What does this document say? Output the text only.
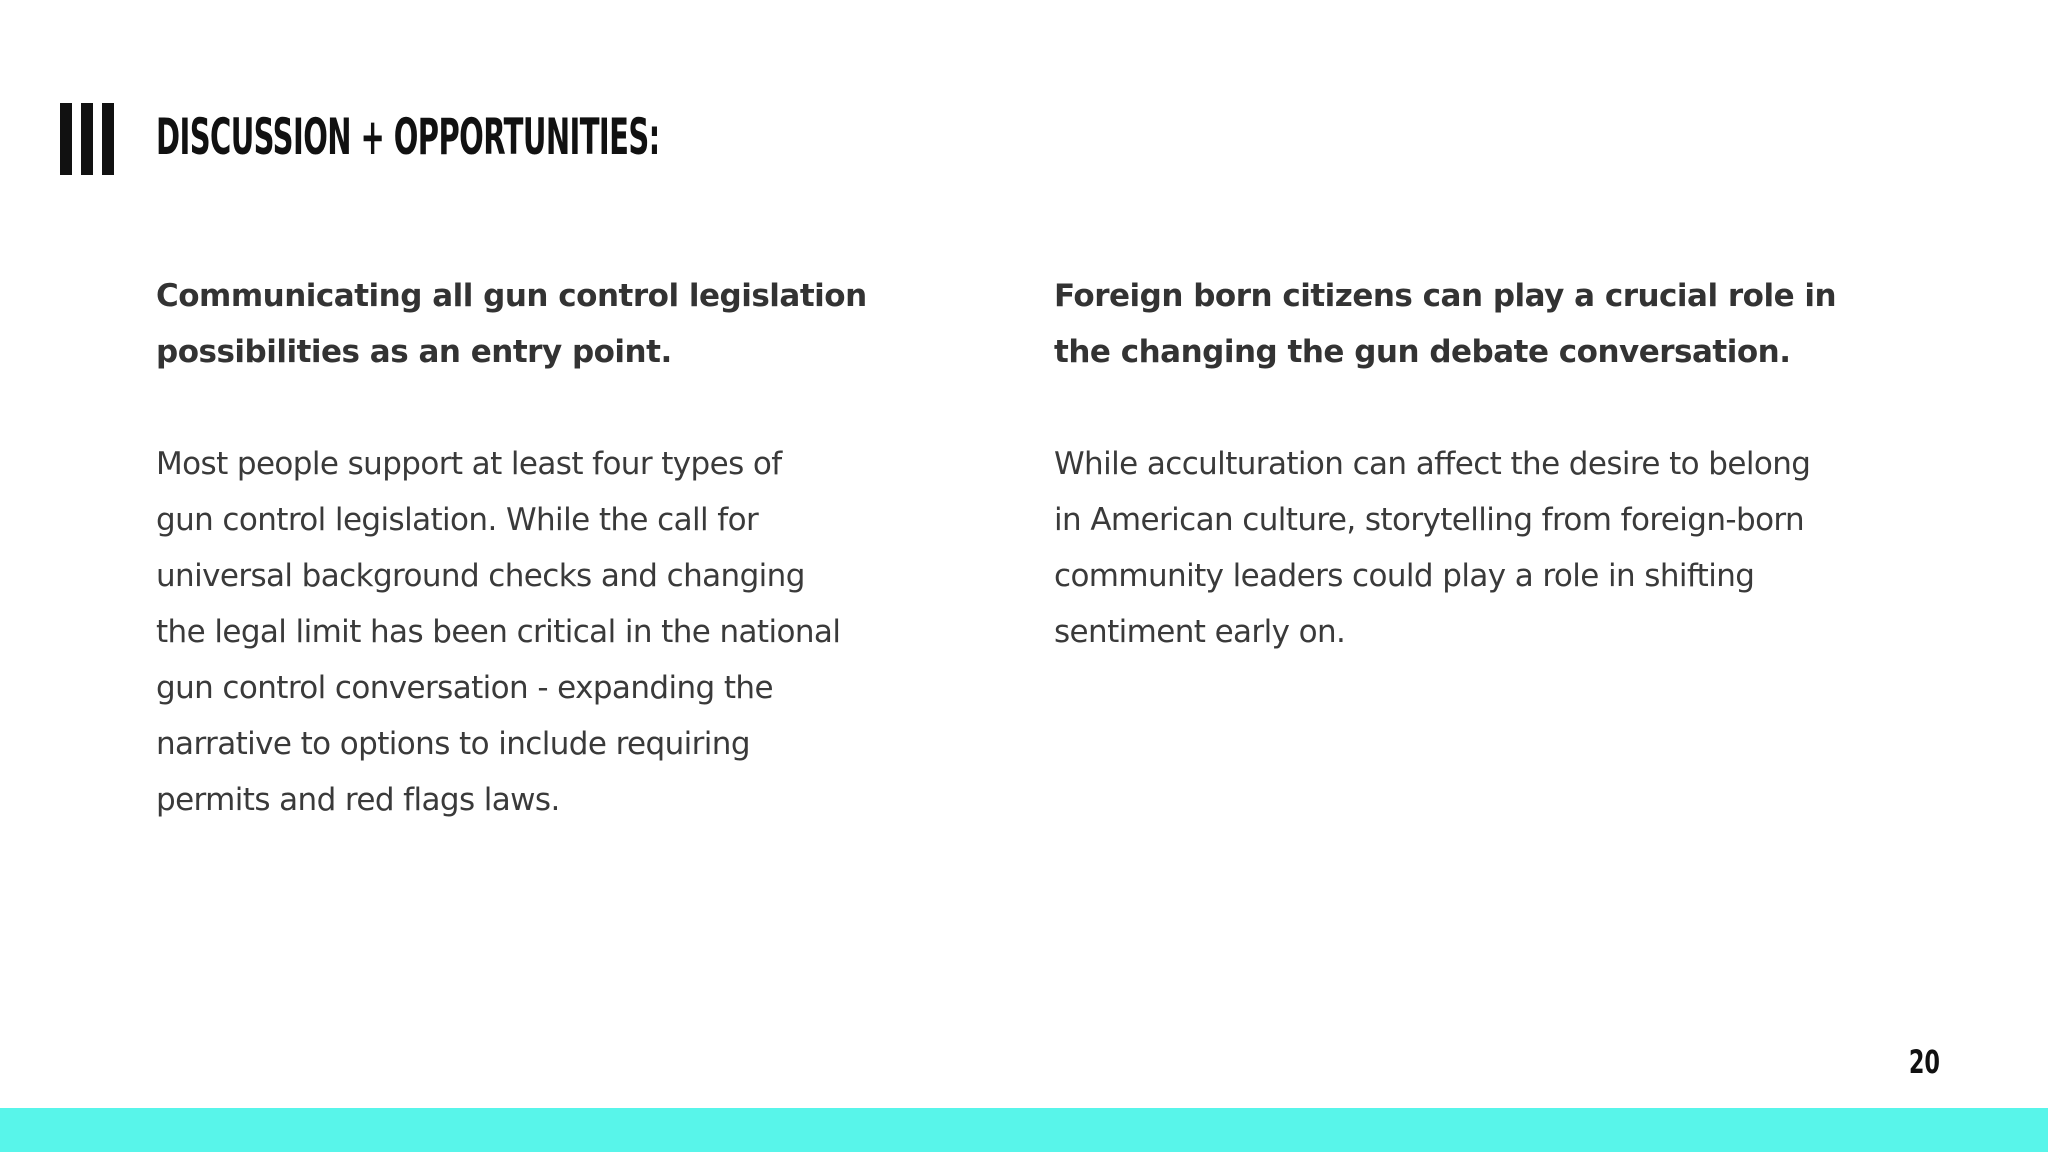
DISCUSSION + OPPORTUNITIES:

Communicating all gun control legislation
possibilities as an entry point.

Most people support at least four types of
gun control legislation. While the call for
universal background checks and changing
the legal limit has been critical in the national
gun control conversation - expanding the
narrative to options to include requiring
permits and red flags laws.

Foreign born citizens can play a crucial role in
the changing the gun debate conversation.

While acculturation can affect the desire to belong
in American culture, storytelling from foreign-born
community leaders could play a role in shifting
sentiment early on.

20
